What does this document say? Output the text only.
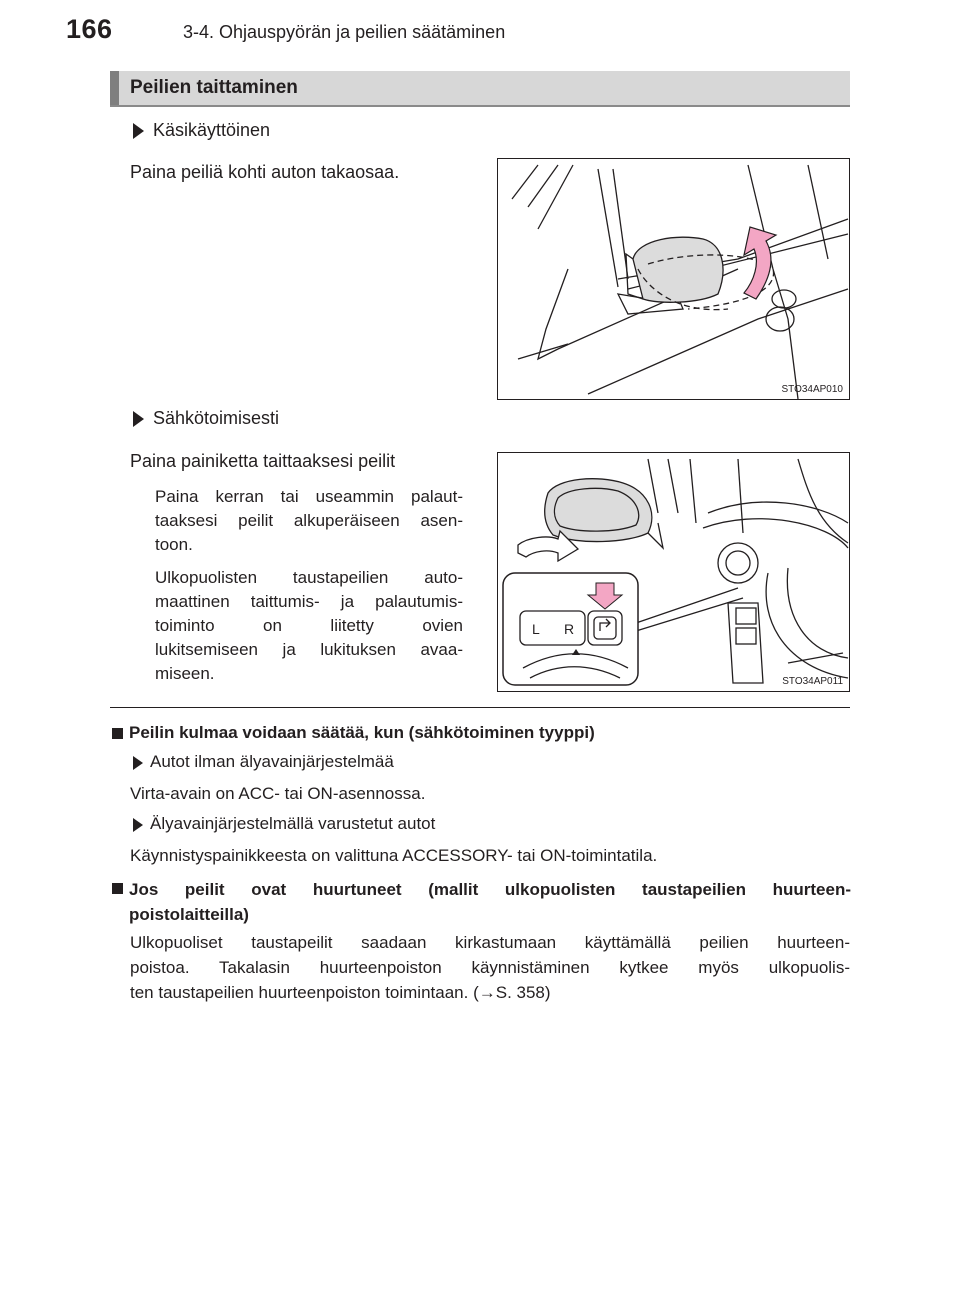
166	3-4. Ohjauspyörän ja peilien säätäminen
Peilien taittaminen
Käsikäyttöinen
Paina peiliä kohti auton takaosaa.
STO34AP010
Sähkötoimisesti
Paina painiketta taittaaksesi peilit
Paina kerran tai useammin palaut-
taaksesi peilit alkuperäiseen asen-
toon.
Ulkopuolisten taustapeilien auto-
maattinen taittumis- ja palautumis-
toiminto on liitetty ovien
lukitsemiseen ja lukituksen avaa-
miseen.
L R
STO34AP011
Peilin kulmaa voidaan säätää, kun (sähkötoiminen tyyppi)
Autot ilman älyavainjärjestelmää
Virta-avain on ACC- tai ON-asennossa.
Älyavainjärjestelmällä varustetut autot
Käynnistyspainikkeesta on valittuna ACCESSORY- tai ON-toimintatila.
Jos peilit ovat huurtuneet (mallit ulkopuolisten taustapeilien huurteen-
poistolaitteilla)
Ulkopuoliset taustapeilit saadaan kirkastumaan käyttämällä peilien huurteen-
poistoa. Takalasin huurteenpoiston käynnistäminen kytkee myös ulkopuolis-
ten taustapeilien huurteenpoiston toimintaan. (→S. 358)
